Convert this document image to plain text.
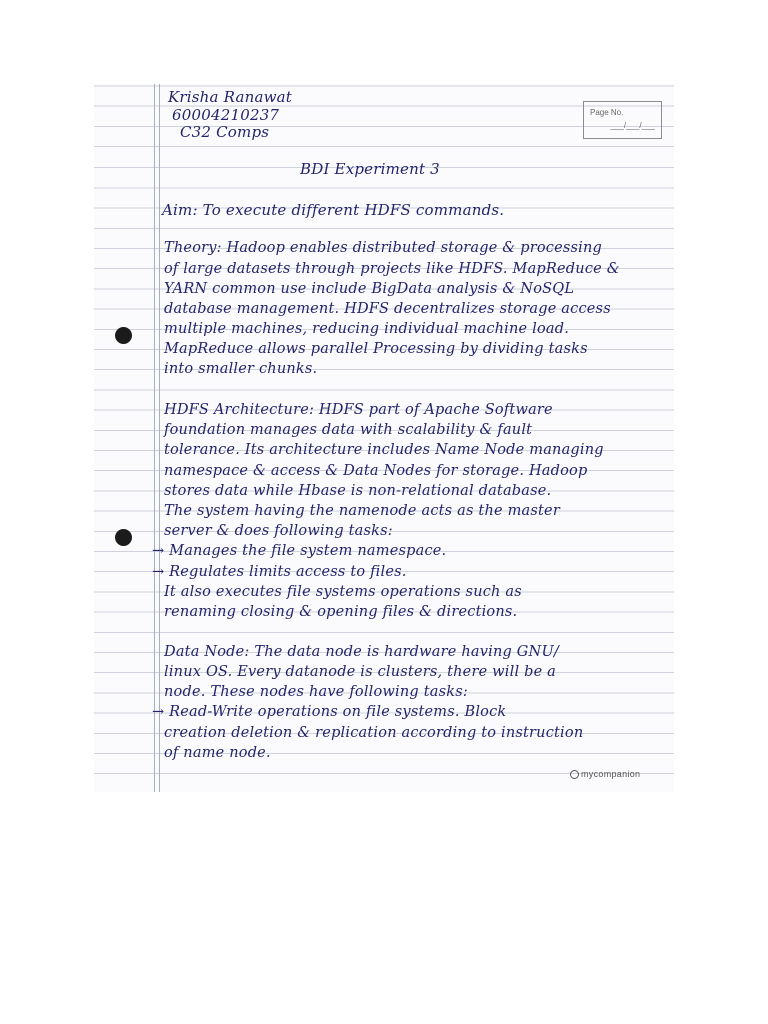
Page No.
___/___/___
Krisha Ranawat
60004210237
C32 Comps
BDI Experiment 3
Aim: To execute different HDFS commands.
Theory: Hadoop enables distributed storage & processing
of large datasets through projects like HDFS. MapReduce &
YARN common use include BigData analysis & NoSQL
database management. HDFS decentralizes storage access
multiple machines, reducing individual machine load.
MapReduce allows parallel Processing by dividing tasks
into smaller chunks.
HDFS Architecture: HDFS part of Apache Software
foundation manages data with scalability & fault
tolerance. Its architecture includes Name Node managing
namespace & access & Data Nodes for storage. Hadoop
stores data while Hbase is non-relational database.
The system having the namenode acts as the master
server & does following tasks:
→ Manages the file system namespace.
→ Regulates limits access to files.
It also executes file systems operations such as
renaming closing & opening files & directions.
Data Node: The data node is hardware having GNU/
linux OS. Every datanode is clusters, there will be a
node. These nodes have following tasks:
→ Read-Write operations on file systems. Block
creation deletion & replication according to instruction
of name node.
mycompanion
